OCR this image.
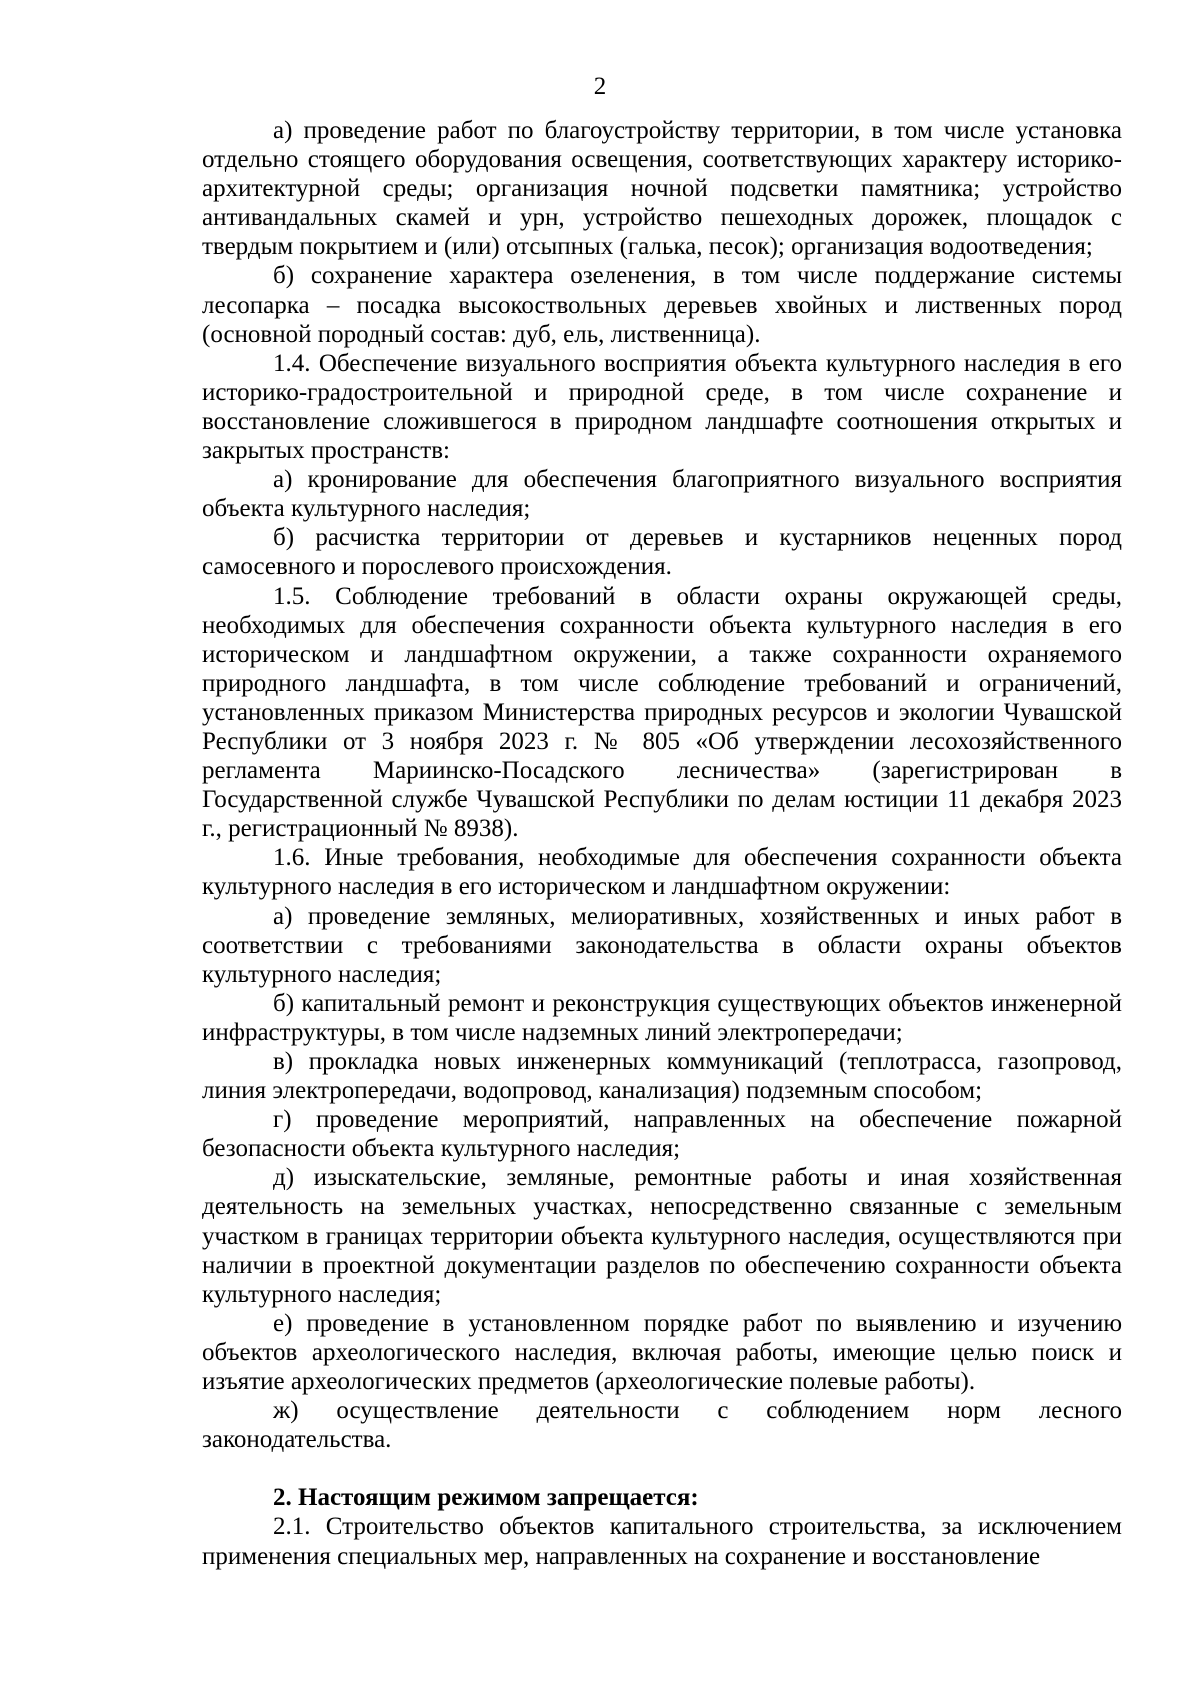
2

а) проведение работ по благоустройству территории, в том числе установка отдельно стоящего оборудования освещения, соответствующих характеру историко-архитектурной среды; организация ночной подсветки памятника; устройство антивандальных скамей и урн, устройство пешеходных дорожек, площадок с твердым покрытием и (или) отсыпных (галька, песок); организация водоотведения;

б) сохранение характера озеленения, в том числе поддержание системы лесопарка – посадка высокоствольных деревьев хвойных и лиственных пород (основной породный состав: дуб, ель, лиственница).

1.4. Обеспечение визуального восприятия объекта культурного наследия в его историко-градостроительной и природной среде, в том числе сохранение и восстановление сложившегося в природном ландшафте соотношения открытых и закрытых пространств:

а) кронирование для обеспечения благоприятного визуального восприятия объекта культурного наследия;

б) расчистка территории от деревьев и кустарников неценных пород самосевного и порослевого происхождения.

1.5. Соблюдение требований в области охраны окружающей среды, необходимых для обеспечения сохранности объекта культурного наследия в его историческом и ландшафтном окружении, а также сохранности охраняемого природного ландшафта, в том числе соблюдение требований и ограничений, установленных приказом Министерства природных ресурсов и экологии Чувашской Республики от 3 ноября 2023 г. № 805 «Об утверждении лесохозяйственного регламента Мариинско-Посадского лесничества» (зарегистрирован в Государственной службе Чувашской Республики по делам юстиции 11 декабря 2023 г., регистрационный № 8938).

1.6. Иные требования, необходимые для обеспечения сохранности объекта культурного наследия в его историческом и ландшафтном окружении:

а) проведение земляных, мелиоративных, хозяйственных и иных работ в соответствии с требованиями законодательства в области охраны объектов культурного наследия;

б) капитальный ремонт и реконструкция существующих объектов инженерной инфраструктуры, в том числе надземных линий электропередачи;

в) прокладка новых инженерных коммуникаций (теплотрасса, газопровод, линия электропередачи, водопровод, канализация) подземным способом;

г) проведение мероприятий, направленных на обеспечение пожарной безопасности объекта культурного наследия;

д) изыскательские, земляные, ремонтные работы и иная хозяйственная деятельность на земельных участках, непосредственно связанные с земельным участком в границах территории объекта культурного наследия, осуществляются при наличии в проектной документации разделов по обеспечению сохранности объекта культурного наследия;

е) проведение в установленном порядке работ по выявлению и изучению объектов археологического наследия, включая работы, имеющие целью поиск и изъятие археологических предметов (археологические полевые работы).

ж) осуществление деятельности с соблюдением норм лесного законодательства.

2. Настоящим режимом запрещается:

2.1. Строительство объектов капитального строительства, за исключением применения специальных мер, направленных на сохранение и восстановление
